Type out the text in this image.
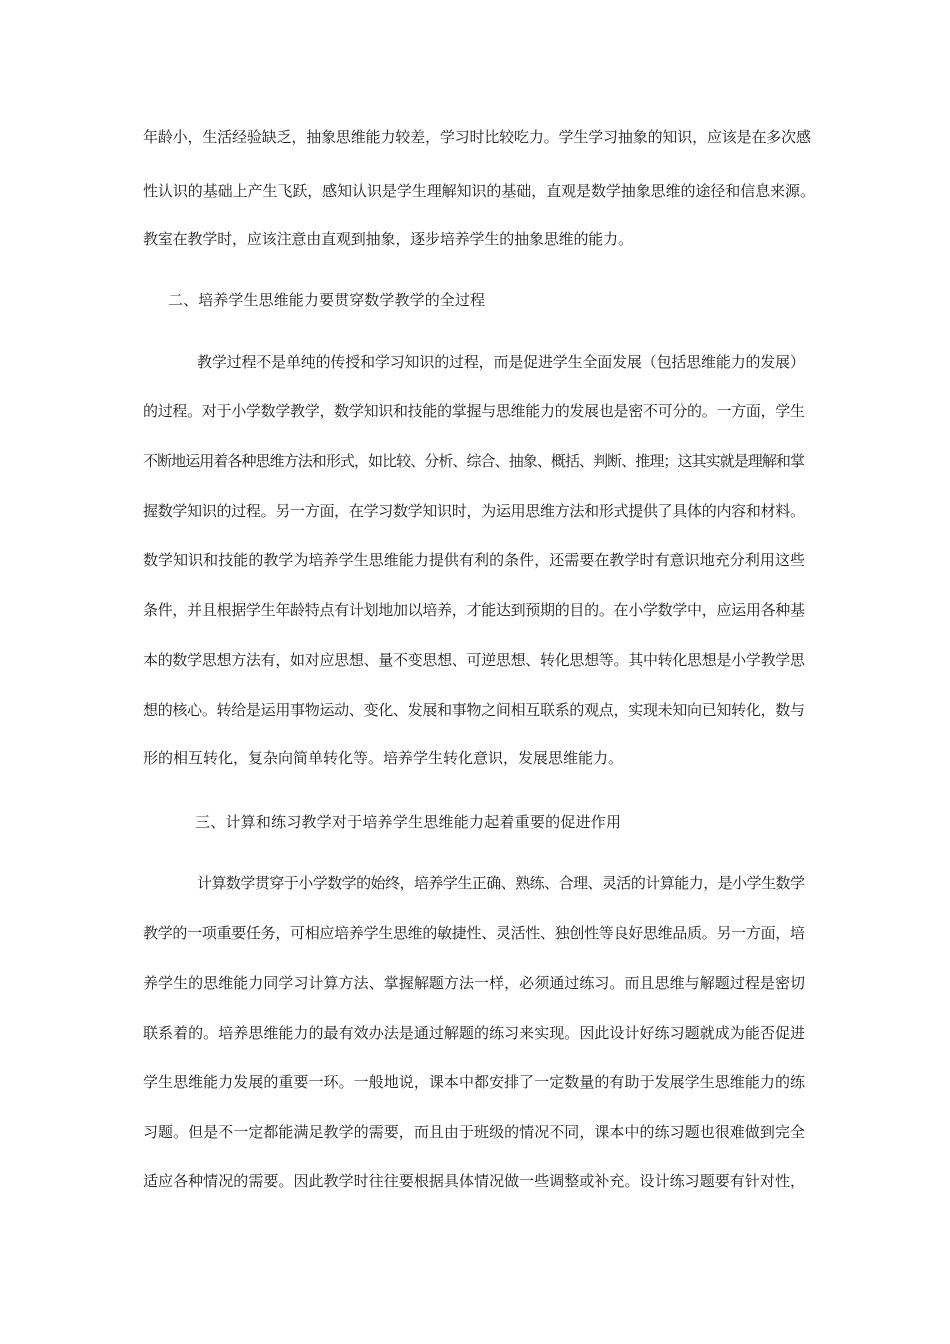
年龄小，生活经验缺乏，抽象思维能力较差，学习时比较吃力。学生学习抽象的知识，应该是在多次感
性认识的基础上产生飞跃，感知认识是学生理解知识的基础，直观是数学抽象思维的途径和信息来源。
教室在教学时，应该注意由直观到抽象，逐步培养学生的抽象思维的能力。
二、培养学生思维能力要贯穿数学教学的全过程
教学过程不是单纯的传授和学习知识的过程，而是促进学生全面发展（包括思维能力的发展）
的过程。对于小学数学教学，数学知识和技能的掌握与思维能力的发展也是密不可分的。一方面，学生
不断地运用着各种思维方法和形式，如比较、分析、综合、抽象、概括、判断、推理；这其实就是理解和掌
握数学知识的过程。另一方面，在学习数学知识时，为运用思维方法和形式提供了具体的内容和材料。
数学知识和技能的教学为培养学生思维能力提供有利的条件，还需要在教学时有意识地充分利用这些
条件，并且根据学生年龄特点有计划地加以培养，才能达到预期的目的。在小学数学中，应运用各种基
本的数学思想方法有，如对应思想、量不变思想、可逆思想、转化思想等。其中转化思想是小学教学思
想的核心。转给是运用事物运动、变化、发展和事物之间相互联系的观点，实现未知向已知转化，数与
形的相互转化，复杂向简单转化等。培养学生转化意识，发展思维能力。
三、计算和练习教学对于培养学生思维能力起着重要的促进作用
计算数学贯穿于小学数学的始终，培养学生正确、熟练、合理、灵活的计算能力，是小学生数学
教学的一项重要任务，可相应培养学生思维的敏捷性、灵活性、独创性等良好思维品质。另一方面，培
养学生的思维能力同学习计算方法、掌握解题方法一样，必须通过练习。而且思维与解题过程是密切
联系着的。培养思维能力的最有效办法是通过解题的练习来实现。因此设计好练习题就成为能否促进
学生思维能力发展的重要一环。一般地说，课本中都安排了一定数量的有助于发展学生思维能力的练
习题。但是不一定都能满足教学的需要，而且由于班级的情况不同，课本中的练习题也很难做到完全
适应各种情况的需要。因此教学时往往要根据具体情况做一些调整或补充。设计练习题要有针对性，
